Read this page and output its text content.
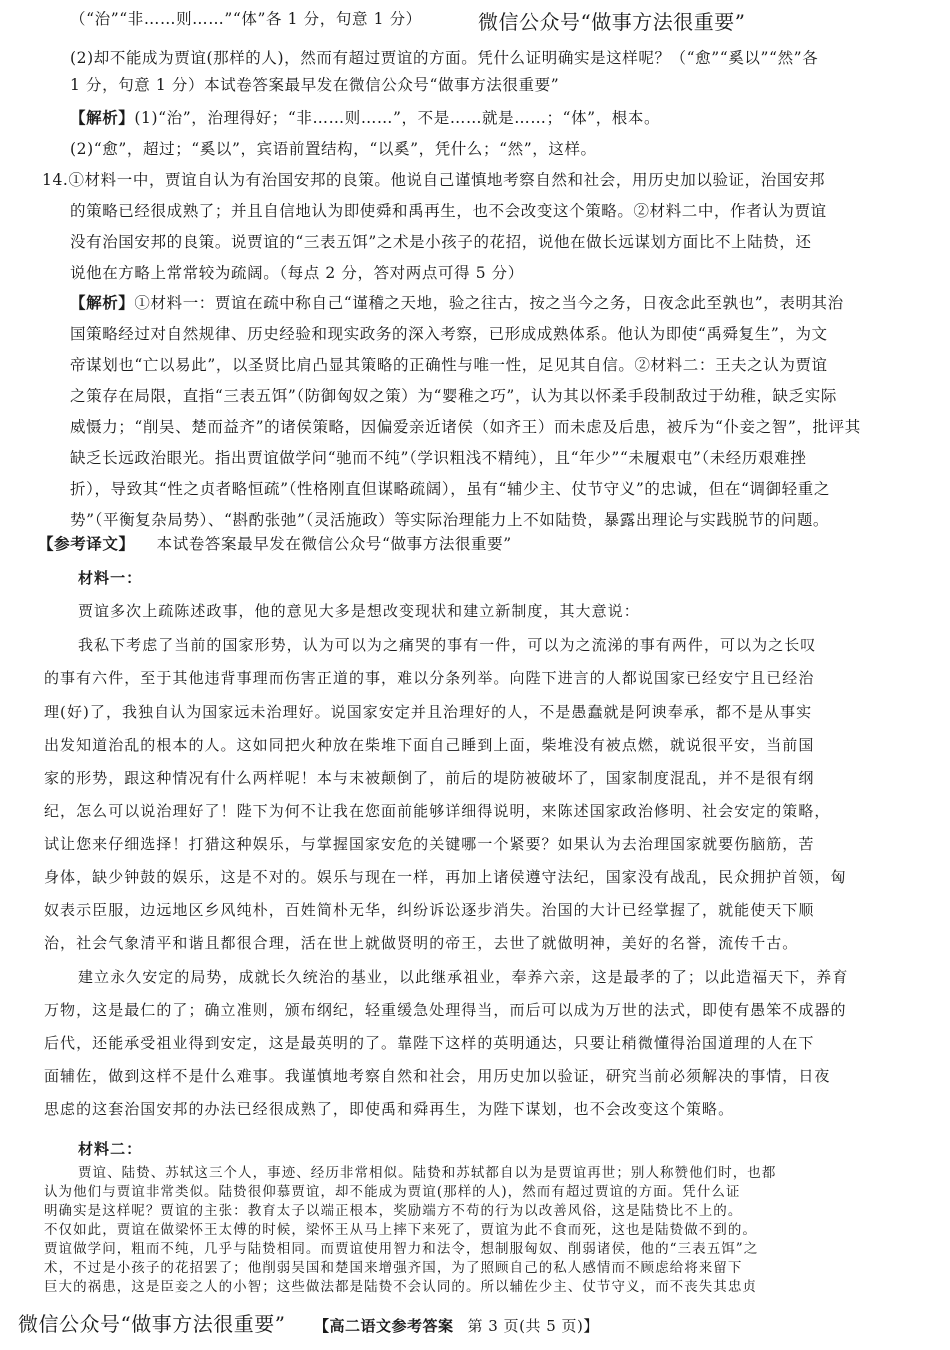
微信公众号“做事方法很重要”
（“治”“非……则……”“体”各 1 分，句意 1 分）
(2)却不能成为贾谊(那样的人)，然而有超过贾谊的方面。凭什么证明确实是这样呢？（“愈”“奚以”“然”各
1 分，句意 1 分）本试卷答案最早发在微信公众号“做事方法很重要”
【解析】(1)“治”，治理得好；“非……则……”，不是……就是……；“体”，根本。
(2)“愈”，超过；“奚以”，宾语前置结构，“以奚”，凭什么；“然”，这样。
14.①材料一中，贾谊自认为有治国安邦的良策。他说自己谨慎地考察自然和社会，用历史加以验证，治国安邦
的策略已经很成熟了；并且自信地认为即使舜和禹再生，也不会改变这个策略。②材料二中，作者认为贾谊
没有治国安邦的良策。说贾谊的“三表五饵”之术是小孩子的花招，说他在做长远谋划方面比不上陆贽，还
说他在方略上常常较为疏阔。（每点 2 分，答对两点可得 5 分）
【解析】①材料一：贾谊在疏中称自己“谨稽之天地，验之往古，按之当今之务，日夜念此至孰也”，表明其治
国策略经过对自然规律、历史经验和现实政务的深入考察，已形成成熟体系。他认为即使“禹舜复生”，为文
帝谋划也“亡以易此”，以圣贤比肩凸显其策略的正确性与唯一性，足见其自信。②材料二：王夫之认为贾谊
之策存在局限，直指“三表五饵”（防御匈奴之策）为“婴稚之巧”，认为其以怀柔手段制敌过于幼稚，缺乏实际
威慑力；“削吴、楚而益齐”的诸侯策略，因偏爱亲近诸侯（如齐王）而未虑及后患，被斥为“仆妾之智”，批评其
缺乏长远政治眼光。指出贾谊做学问“驰而不纯”（学识粗浅不精纯），且“年少”“未履艰屯”（未经历艰难挫
折），导致其“性之贞者略恒疏”（性格刚直但谋略疏阔），虽有“辅少主、仗节守义”的忠诚，但在“调御轻重之
势”（平衡复杂局势）、“斟酌张弛”（灵活施政）等实际治理能力上不如陆贽，暴露出理论与实践脱节的问题。
【参考译文】 本试卷答案最早发在微信公众号“做事方法很重要”
材料一：
贾谊多次上疏陈述政事，他的意见大多是想改变现状和建立新制度，其大意说：
我私下考虑了当前的国家形势，认为可以为之痛哭的事有一件，可以为之流涕的事有两件，可以为之长叹
的事有六件，至于其他违背事理而伤害正道的事，难以分条列举。向陛下进言的人都说国家已经安宁且已经治
理(好)了，我独自认为国家远未治理好。说国家安定并且治理好的人，不是愚蠢就是阿谀奉承，都不是从事实
出发知道治乱的根本的人。这如同把火种放在柴堆下面自己睡到上面，柴堆没有被点燃，就说很平安，当前国
家的形势，跟这种情况有什么两样呢！本与末被颠倒了，前后的堤防被破坏了，国家制度混乱，并不是很有纲
纪，怎么可以说治理好了！陛下为何不让我在您面前能够详细得说明，来陈述国家政治修明、社会安定的策略，
试让您来仔细选择！打猎这种娱乐，与掌握国家安危的关键哪一个紧要？如果认为去治理国家就要伤脑筋，苦
身体，缺少钟鼓的娱乐，这是不对的。娱乐与现在一样，再加上诸侯遵守法纪，国家没有战乱，民众拥护首领，匈
奴表示臣服，边远地区乡风纯朴，百姓简朴无华，纠纷诉讼逐步消失。治国的大计已经掌握了，就能使天下顺
治，社会气象清平和谐且都很合理，活在世上就做贤明的帝王，去世了就做明神，美好的名誉，流传千古。
建立永久安定的局势，成就长久统治的基业，以此继承祖业，奉养六亲，这是最孝的了；以此造福天下，养育
万物，这是最仁的了；确立准则，颁布纲纪，轻重缓急处理得当，而后可以成为万世的法式，即使有愚笨不成器的
后代，还能承受祖业得到安定，这是最英明的了。靠陛下这样的英明通达，只要让稍微懂得治国道理的人在下
面辅佐，做到这样不是什么难事。我谨慎地考察自然和社会，用历史加以验证，研究当前必须解决的事情，日夜
思虑的这套治国安邦的办法已经很成熟了，即使禹和舜再生，为陛下谋划，也不会改变这个策略。
材料二：
贾谊、陆贽、苏轼这三个人，事迹、经历非常相似。陆贽和苏轼都自以为是贾谊再世；别人称赞他们时，也都
认为他们与贾谊非常类似。陆贽很仰慕贾谊，却不能成为贾谊(那样的人)，然而有超过贾谊的方面。凭什么证
明确实是这样呢？贾谊的主张：教育太子以端正根本，奖励端方不苟的行为以改善风俗，这是陆贽比不上的。
不仅如此，贾谊在做梁怀王太傅的时候，梁怀王从马上摔下来死了，贾谊为此不食而死，这也是陆贽做不到的。
贾谊做学问，粗而不纯，几乎与陆贽相同。而贾谊使用智力和法令，想制服匈奴、削弱诸侯，他的“三表五饵”之
术，不过是小孩子的花招罢了；他削弱吴国和楚国来增强齐国，为了照顾自己的私人感情而不顾虑给将来留下
巨大的祸患，这是臣妾之人的小智；这些做法都是陆贽不会认同的。所以辅佐少主、仗节守义，而不丧失其忠贞
微信公众号“做事方法很重要” 【高二语文参考答案 第 3 页(共 5 页)】
